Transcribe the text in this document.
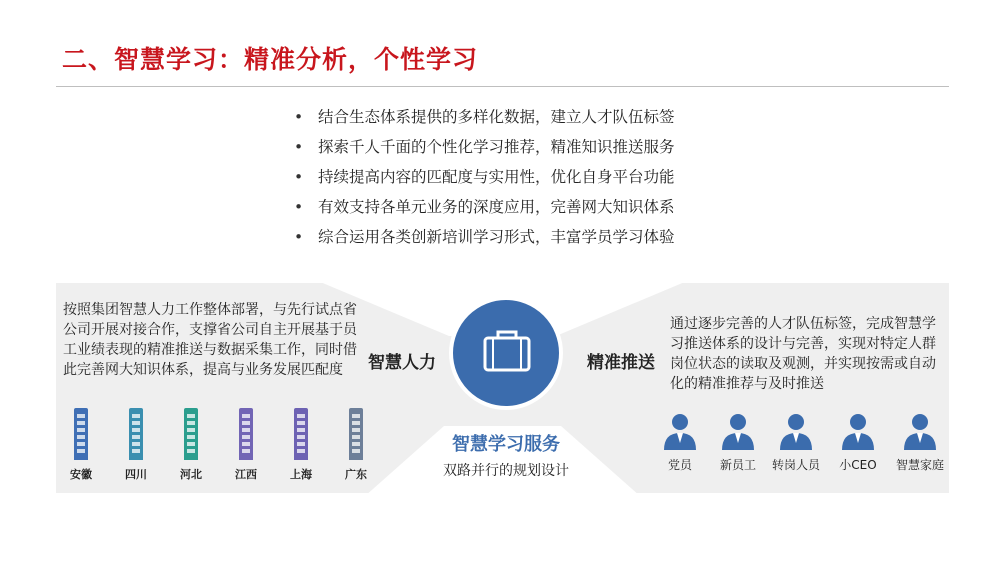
二、智慧学习：精准分析，个性学习
• 结合生态体系提供的多样化数据，建立人才队伍标签
• 探索千人千面的个性化学习推荐，精准知识推送服务
• 持续提高内容的匹配度与实用性，优化自身平台功能
• 有效支持各单元业务的深度应用，完善网大知识体系
• 综合运用各类创新培训学习形式，丰富学员学习体验
按照集团智慧人力工作整体部署，与先行试点省公司开展对接合作，支撑省公司自主开展基于员工业绩表现的精准推送与数据采集工作，同时借此完善网大知识体系，提高与业务发展匹配度	智慧人力	精准推送
通过逐步完善的人才队伍标签，完成智慧学习推送体系的设计与完善，实现对特定人群岗位状态的读取及观测，并实现按需或自动化的精准推荐与及时推送
智慧学习服务
双路并行的规划设计
安徽	四川	河北	江西	上海	广东
党员	新员工	转岗人员	小CEO	智慧家庭
